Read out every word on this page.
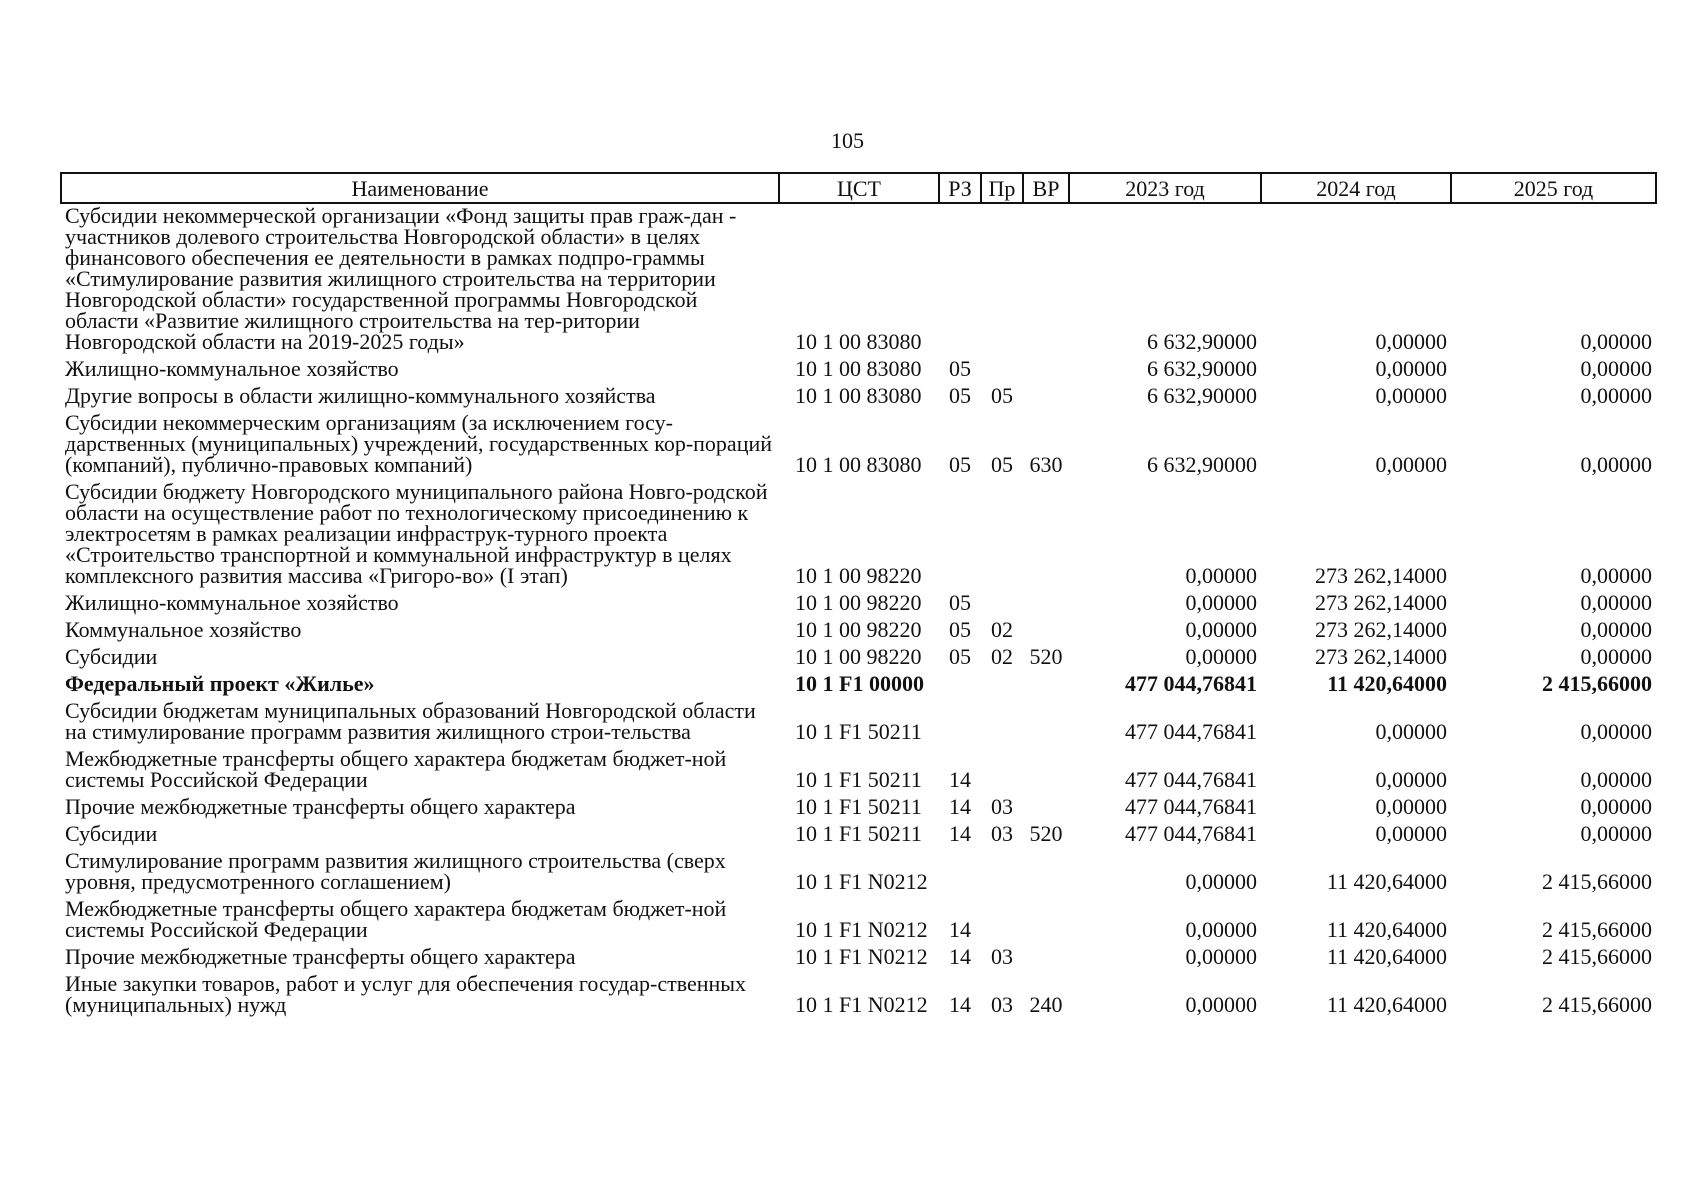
105
Наименование	ЦСТ	РЗ	Пр	ВР	2023 год	2024 год	2025 год
Субсидии некоммерческой организации «Фонд защиты прав граж-дан - участников долевого строительства Новгородской области» в целях финансового обеспечения ее деятельности в рамках подпро-граммы «Стимулирование развития жилищного строительства на территории Новгородской области» государственной программы Новгородской области «Развитие жилищного строительства на тер-ритории Новгородской области на 2019-2025 годы»	10 1 00 83080				6 632,90000	0,00000	0,00000
Жилищно-коммунальное хозяйство	10 1 00 83080	05			6 632,90000	0,00000	0,00000
Другие вопросы в области жилищно-коммунального хозяйства	10 1 00 83080	05	05		6 632,90000	0,00000	0,00000
Субсидии некоммерческим организациям (за исключением госу-дарственных (муниципальных) учреждений, государственных кор-пораций (компаний), публично-правовых компаний)	10 1 00 83080	05	05	630	6 632,90000	0,00000	0,00000
Субсидии бюджету Новгородского муниципального района Новго-родской области на осуществление работ по технологическому присоединению к электросетям в рамках реализации инфраструк-турного проекта «Строительство транспортной и коммунальной инфраструктур в целях комплексного развития массива «Григоро-во» (I этап)	10 1 00 98220				0,00000	273 262,14000	0,00000
Жилищно-коммунальное хозяйство	10 1 00 98220	05			0,00000	273 262,14000	0,00000
Коммунальное хозяйство	10 1 00 98220	05	02		0,00000	273 262,14000	0,00000
Субсидии	10 1 00 98220	05	02	520	0,00000	273 262,14000	0,00000
Федеральный проект «Жилье»	10 1 F1 00000				477 044,76841	11 420,64000	2 415,66000
Субсидии бюджетам муниципальных образований Новгородской области на стимулирование программ развития жилищного строи-тельства	10 1 F1 50211				477 044,76841	0,00000	0,00000
Межбюджетные трансферты общего характера бюджетам бюджет-ной системы Российской Федерации	10 1 F1 50211	14			477 044,76841	0,00000	0,00000
Прочие межбюджетные трансферты общего характера	10 1 F1 50211	14	03		477 044,76841	0,00000	0,00000
Субсидии	10 1 F1 50211	14	03	520	477 044,76841	0,00000	0,00000
Стимулирование программ развития жилищного строительства (сверх уровня, предусмотренного соглашением)	10 1 F1 N0212				0,00000	11 420,64000	2 415,66000
Межбюджетные трансферты общего характера бюджетам бюджет-ной системы Российской Федерации	10 1 F1 N0212	14			0,00000	11 420,64000	2 415,66000
Прочие межбюджетные трансферты общего характера	10 1 F1 N0212	14	03		0,00000	11 420,64000	2 415,66000
Иные закупки товаров, работ и услуг для обеспечения государ-ственных (муниципальных) нужд	10 1 F1 N0212	14	03	240	0,00000	11 420,64000	2 415,66000
